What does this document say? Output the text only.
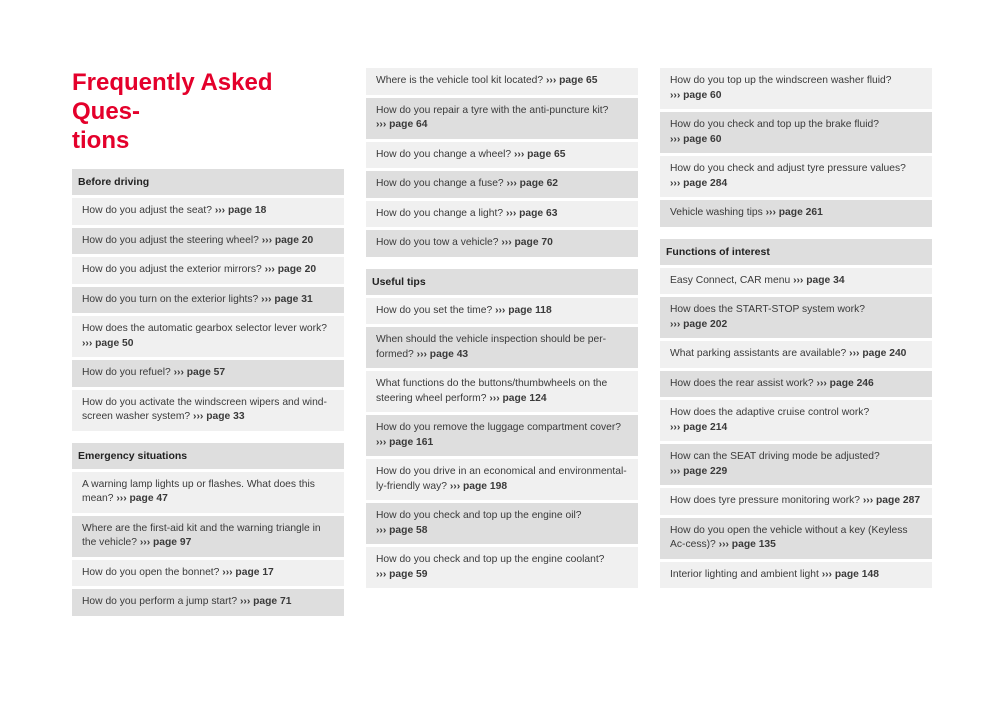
Frequently Asked Ques-
tions
Before driving
How do you adjust the seat? ››› page 18
How do you adjust the steering wheel? ››› page 20
How do you adjust the exterior mirrors? ››› page 20
How do you turn on the exterior lights? ››› page 31
How does the automatic gearbox selector lever work? ››› page 50
How do you refuel? ››› page 57
How do you activate the windscreen wipers and wind-screen washer system? ››› page 33
Emergency situations
A warning lamp lights up or flashes. What does this mean? ››› page 47
Where are the first-aid kit and the warning triangle in the vehicle? ››› page 97
How do you open the bonnet? ››› page 17
How do you perform a jump start? ››› page 71
Where is the vehicle tool kit located? ››› page 65
How do you repair a tyre with the anti-puncture kit? ››› page 64
How do you change a wheel? ››› page 65
How do you change a fuse? ››› page 62
How do you change a light? ››› page 63
How do you tow a vehicle? ››› page 70
Useful tips
How do you set the time? ››› page 118
When should the vehicle inspection should be per-formed? ››› page 43
What functions do the buttons/thumbwheels on the steering wheel perform? ››› page 124
How do you remove the luggage compartment cover? ››› page 161
How do you drive in an economical and environmental-ly-friendly way? ››› page 198
How do you check and top up the engine oil? ››› page 58
How do you check and top up the engine coolant? ››› page 59
How do you top up the windscreen washer fluid? ››› page 60
How do you check and top up the brake fluid? ››› page 60
How do you check and adjust tyre pressure values? ››› page 284
Vehicle washing tips ››› page 261
Functions of interest
Easy Connect, CAR menu ››› page 34
How does the START-STOP system work? ››› page 202
What parking assistants are available? ››› page 240
How does the rear assist work? ››› page 246
How does the adaptive cruise control work? ››› page 214
How can the SEAT driving mode be adjusted? ››› page 229
How does tyre pressure monitoring work? ››› page 287
How do you open the vehicle without a key (Keyless Ac-cess)? ››› page 135
Interior lighting and ambient light ››› page 148
